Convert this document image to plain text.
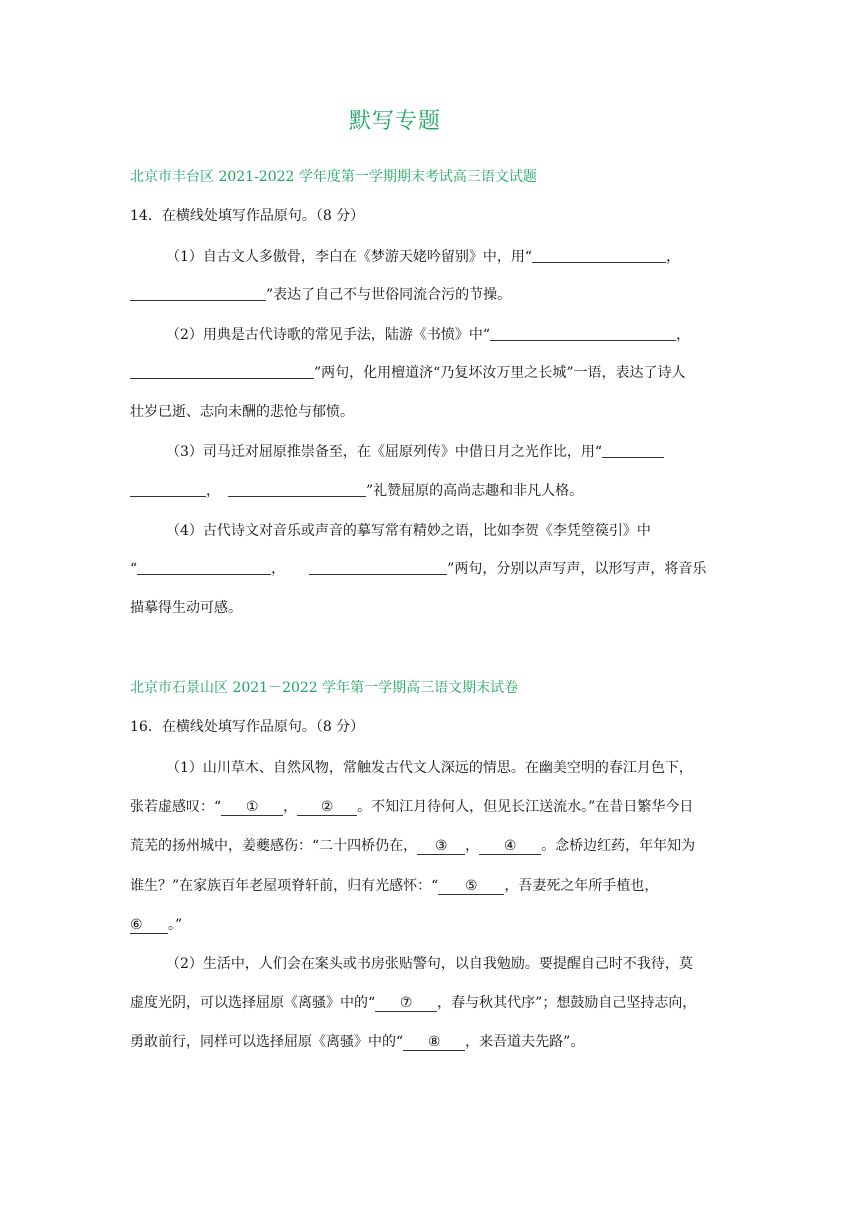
默写专题
北京市丰台区 2021-2022 学年度第一学期期末考试高三语文试题
14．在横线处填写作品原句。（8 分）
（1）自古文人多傲骨，李白在《梦游天姥吟留别》中，用“	，
”表达了自己不与世俗同流合污的节操。
（2）用典是古代诗歌的常见手法，陆游《书愤》中“	，
”两句，化用檀道济“乃复坏汝万里之长城”一语，表达了诗人
壮岁已逝、志向未酬的悲怆与郁愤。
（3）司马迁对屈原推崇备至，在《屈原列传》中借日月之光作比，用“
，	”礼赞屈原的高尚志趣和非凡人格。
（4）古代诗文对音乐或声音的摹写常有精妙之语，比如李贺《李凭箜篌引》中
“	，	”两句，分别以声写声，以形写声，将音乐
描摹得生动可感。
北京市石景山区 2021－2022 学年第一学期高三语文期末试卷
16．在横线处填写作品原句。（8 分）
（1）山川草木、自然风物，常触发古代文人深远的情思。在幽美空明的春江月色下，
张若虚感叹：“ ① ， ② 。不知江月待何人，但见长江送流水。”在昔日繁华今日
荒芜的扬州城中，姜夔感伤：“二十四桥仍在， ③ ， ④ 。念桥边红药，年年知为
谁生？”在家族百年老屋项脊轩前，归有光感怀：“ ⑤ ，吾妻死之年所手植也，
⑥ 。”
（2）生活中，人们会在案头或书房张贴警句，以自我勉励。要提醒自己时不我待，莫
虚度光阴，可以选择屈原《离骚》中的“ ⑦ ，春与秋其代序”；想鼓励自己坚持志向，
勇敢前行，同样可以选择屈原《离骚》中的“ ⑧ ，来吾道夫先路”。
